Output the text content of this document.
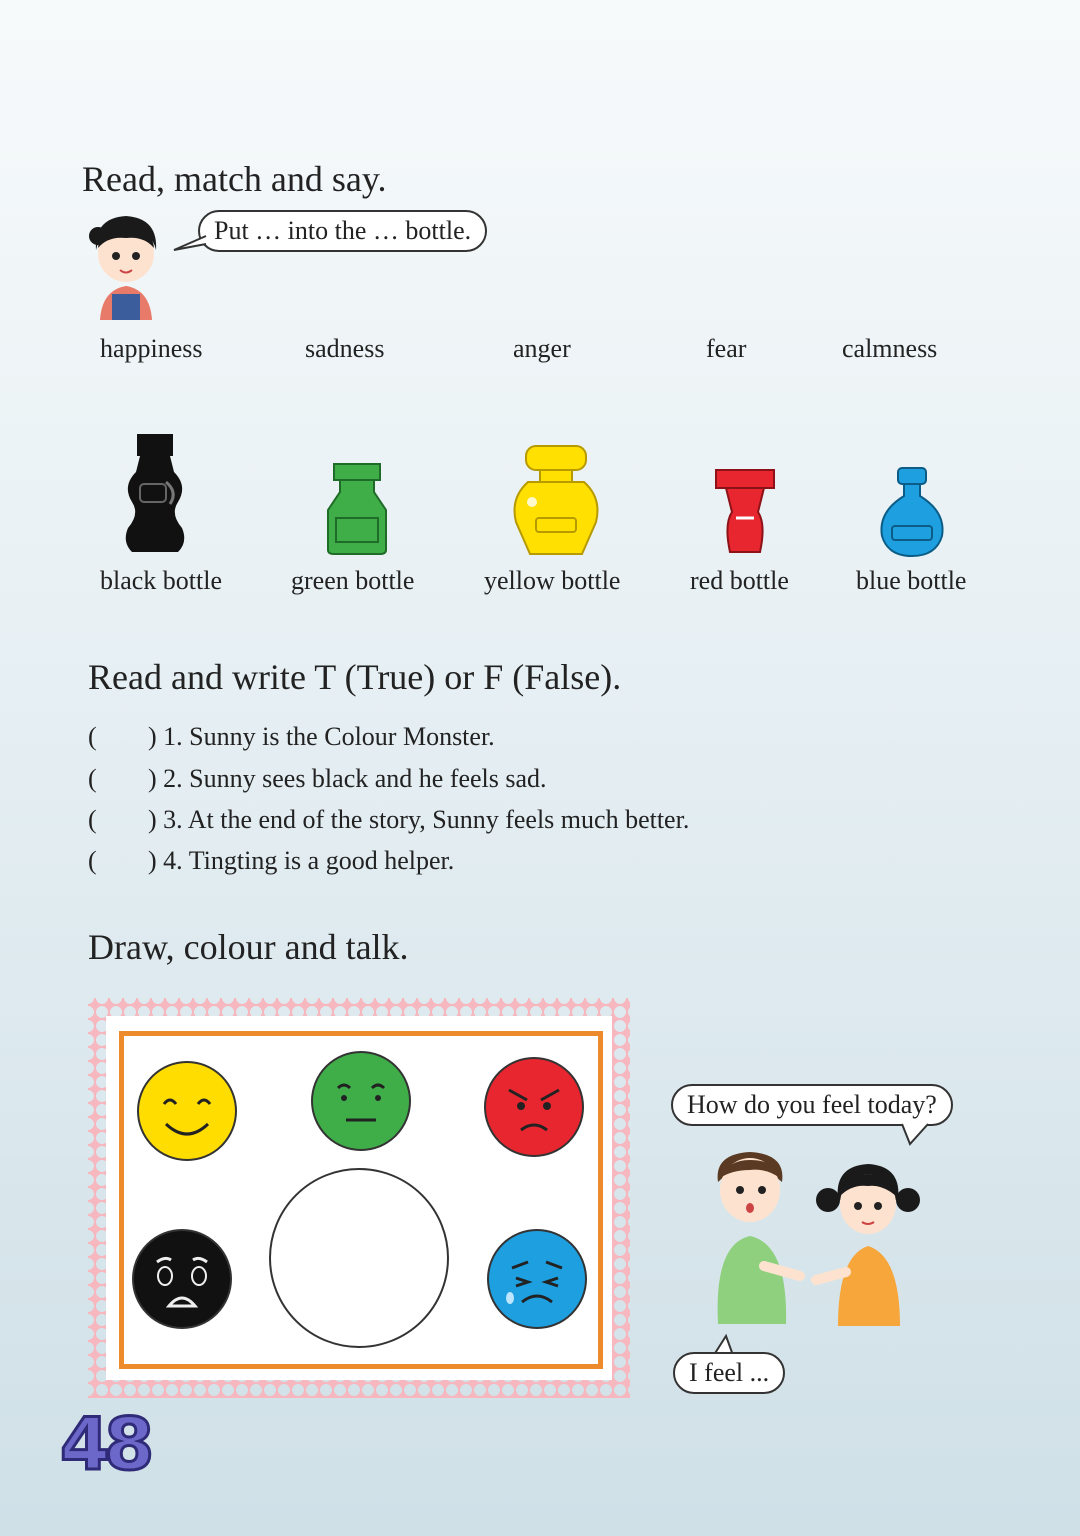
Read, match and say.
Put … into the … bottle.
happiness	sadness	anger	fear	calmness
black bottle	green bottle	yellow bottle	red bottle	blue bottle
Read and write T (True) or F (False).
( ) 1. Sunny is the Colour Monster.
( ) 2. Sunny sees black and he feels sad.
( ) 3. At the end of the story, Sunny feels much better.
( ) 4. Tingting is a good helper.
Draw, colour and talk.
How do you feel today?
I feel ...
48
